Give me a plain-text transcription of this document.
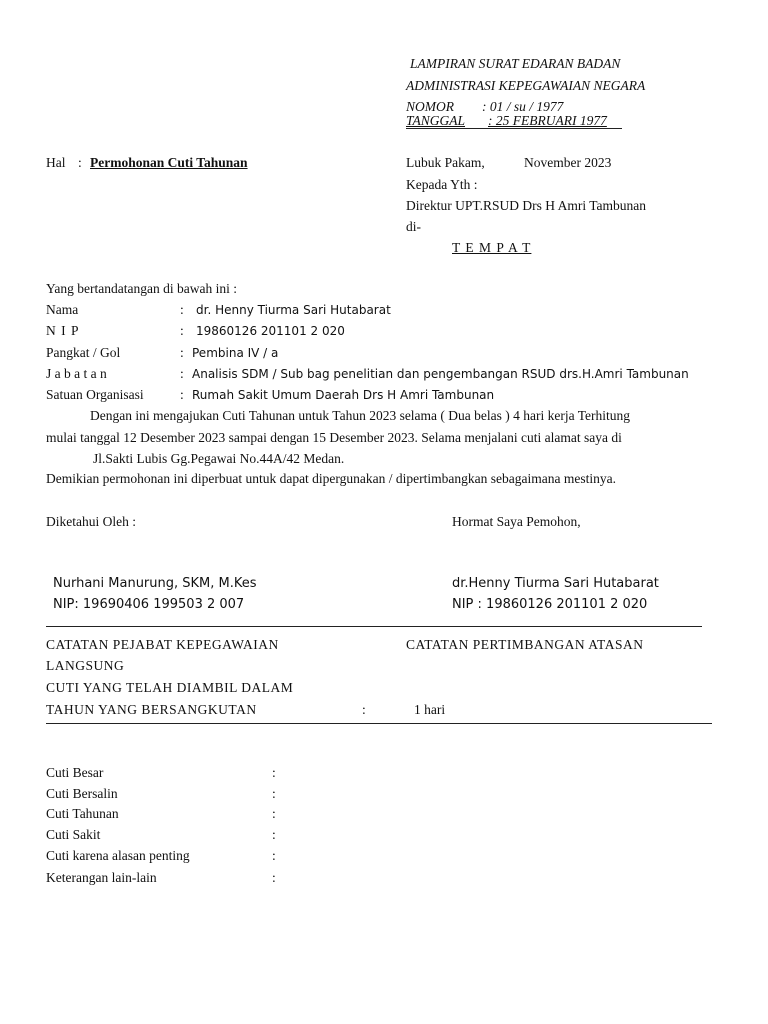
LAMPIRAN SURAT EDARAN BADAN
ADMINISTRASI KEPEGAWAIAN NEGARA
NOMOR : 01 / su / 1977
TANGGAL : 25 FEBRUARI 1977
Hal : Permohonan Cuti Tahunan	Lubuk Pakam,	November 2023
Kepada Yth :
Direktur UPT.RSUD Drs H Amri Tambunan
di-
T E M P A T
Yang bertandatangan di bawah ini :
Nama	: dr. Henny Tiurma Sari Hutabarat
N I P	: 19860126 201101 2 020
Pangkat / Gol	: Pembina IV / a
J a b a t a n	: Analisis SDM / Sub bag penelitian dan pengembangan RSUD drs.H.Amri Tambunan
Satuan Organisasi	: Rumah Sakit Umum Daerah Drs H Amri Tambunan
Dengan ini mengajukan Cuti Tahunan untuk Tahun 2023 selama ( Dua belas ) 4 hari kerja Terhitung
mulai tanggal 12 Desember 2023 sampai dengan 15 Desember 2023. Selama menjalani cuti alamat saya di
Jl.Sakti Lubis Gg.Pegawai No.44A/42 Medan.
Demikian permohonan ini diperbuat untuk dapat dipergunakan / dipertimbangkan sebagaimana mestinya.
Diketahui Oleh :	Hormat Saya Pemohon,
Nurhani Manurung, SKM, M.Kes
NIP: 19690406 199503 2 007
dr.Henny Tiurma Sari Hutabarat
NIP : 19860126 201101 2 020
CATATAN PEJABAT KEPEGAWAIAN	CATATAN PERTIMBANGAN ATASAN
LANGSUNG
CUTI YANG TELAH DIAMBIL DALAM
TAHUN YANG BERSANGKUTAN	:	1 hari
Cuti Besar	:
Cuti Bersalin	:
Cuti Tahunan	:
Cuti Sakit	:
Cuti karena alasan penting	:
Keterangan lain-lain	:
